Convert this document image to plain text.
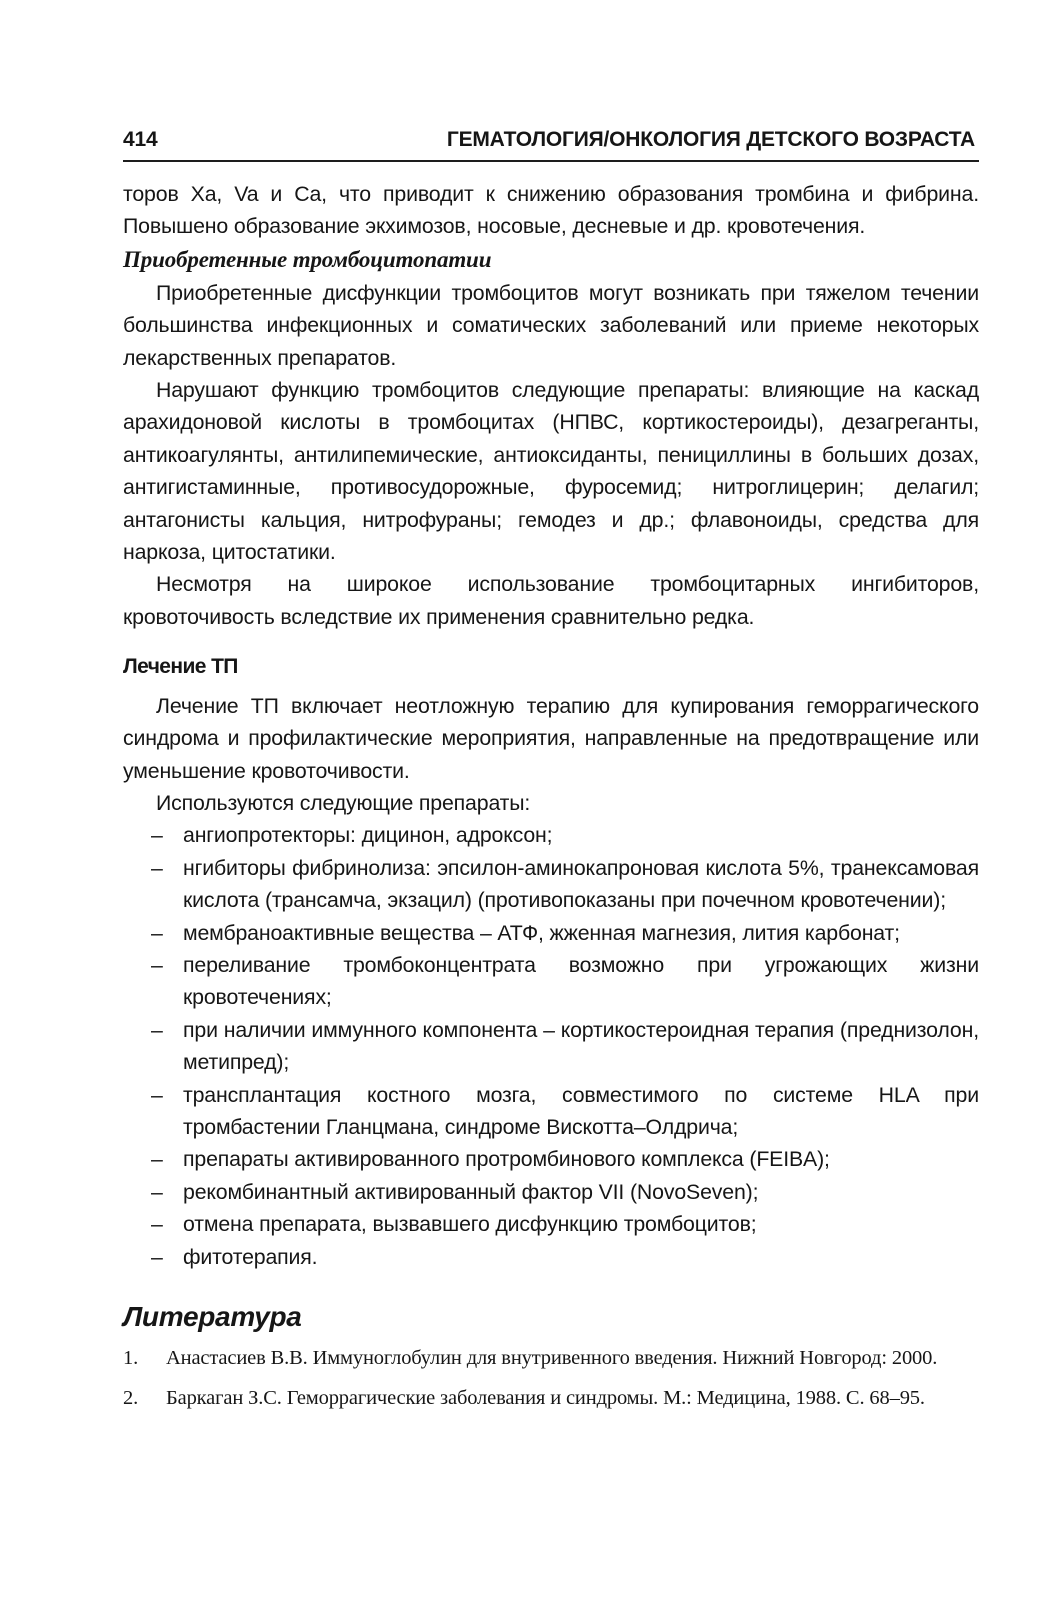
414	ГЕМАТОЛОГИЯ/ОНКОЛОГИЯ ДЕТСКОГО ВОЗРАСТА

торов Xa, Va и Ca, что приводит к снижению образования тромбина и фибрина. Повышено образование экхимозов, носовые, десневые и др. кровотечения.

Приобретенные тромбоцитопатии

Приобретенные дисфункции тромбоцитов могут возникать при тяжелом течении большинства инфекционных и соматических заболеваний или приеме некоторых лекарственных препаратов.

Нарушают функцию тромбоцитов следующие препараты: влияющие на каскад арахидоновой кислоты в тромбоцитах (НПВС, кортикостероиды), дезагреганты, антикоагулянты, антилипемические, антиоксиданты, пенициллины в больших дозах, антигистаминные, противосудорожные, фуросемид; нитроглицерин; делагил; антагонисты кальция, нитрофураны; гемодез и др.; флавоноиды, средства для наркоза, цитостатики.

Несмотря на широкое использование тромбоцитарных ингибиторов, кровоточивость вследствие их применения сравнительно редка.

Лечение ТП

Лечение ТП включает неотложную терапию для купирования геморрагического синдрома и профилактические мероприятия, направленные на предотвращение или уменьшение кровоточивости.

Используются следующие препараты:

– ангиопротекторы: дицинон, адроксон;
– нгибиторы фибринолиза: эпсилон-аминокапроновая кислота 5%, транексамовая кислота (трансамча, экзацил) (противопоказаны при почечном кровотечении);
– мембраноактивные вещества – АТФ, жженная магнезия, лития карбонат;
– переливание тромбоконцентрата возможно при угрожающих жизни кровотечениях;
– при наличии иммунного компонента – кортикостероидная терапия (преднизолон, метипред);
– трансплантация костного мозга, совместимого по системе HLA при тромбастении Гланцмана, синдроме Вискотта–Олдрича;
– препараты активированного протромбинового комплекса (FEIBA);
– рекомбинантный активированный фактор VII (NovoSeven);
– отмена препарата, вызвавшего дисфункцию тромбоцитов;
– фитотерапия.
Литература
1. Анастасиев В.В. Иммуноглобулин для внутривенного введения. Нижний Новгород: 2000.
2. Баркаган З.С. Геморрагические заболевания и синдромы. М.: Медицина, 1988. С. 68–95.
